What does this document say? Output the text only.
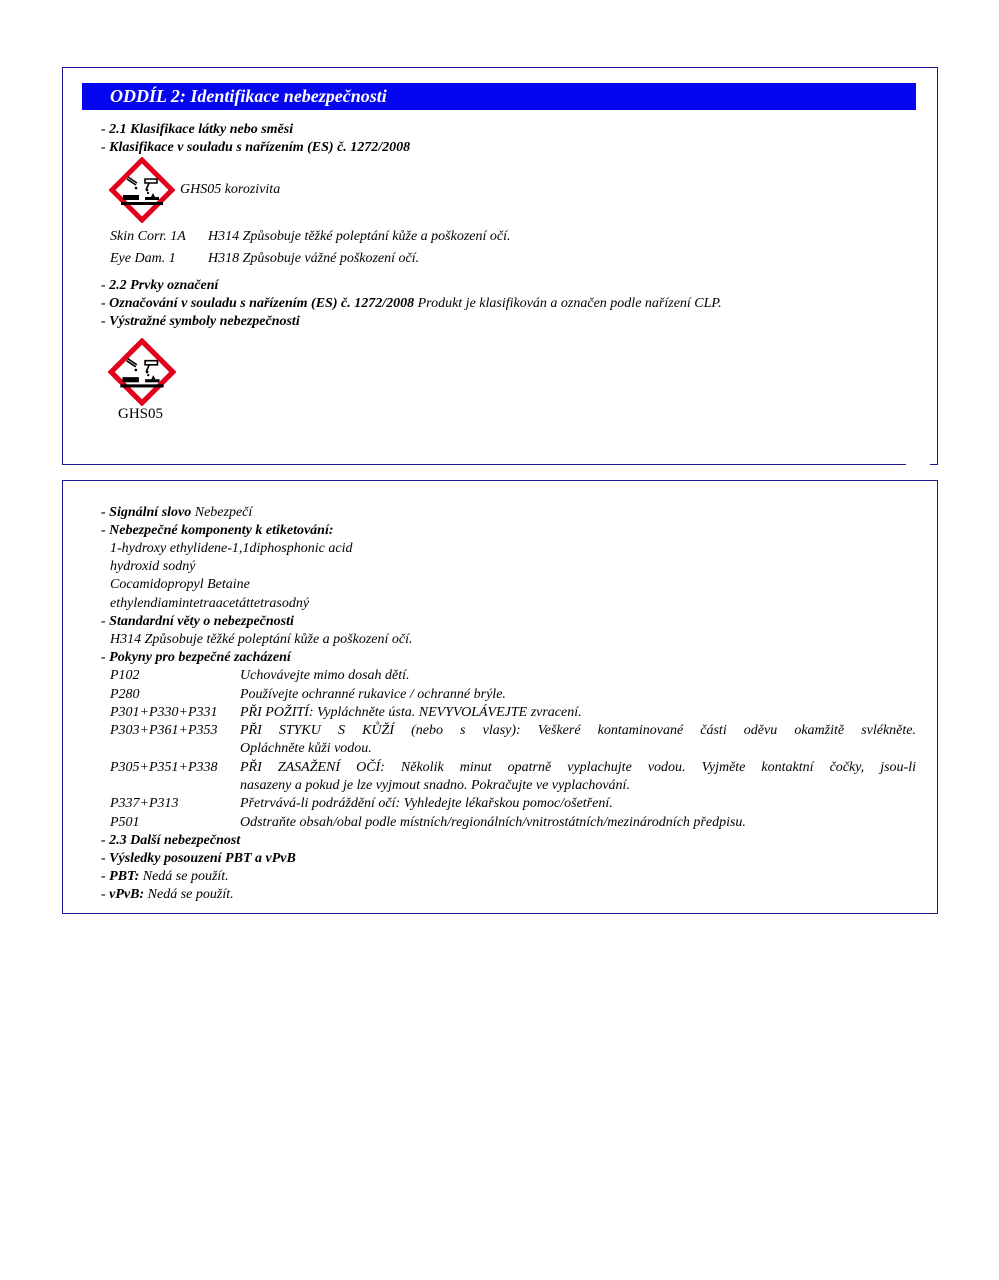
ODDÍL 2: Identifikace nebezpečnosti
- 2.1 Klasifikace látky nebo směsi
- Klasifikace v souladu s nařízením (ES) č. 1272/2008
GHS05 korozivita
Skin Corr. 1A H314 Způsobuje těžké poleptání kůže a poškození očí.
Eye Dam. 1 H318 Způsobuje vážné poškození očí.
- 2.2 Prvky označení
- Označování v souladu s nařízením (ES) č. 1272/2008 Produkt je klasifikován a označen podle nařízení CLP.
- Výstražné symboly nebezpečnosti
GHS05
- Signální slovo Nebezpečí
- Nebezpečné komponenty k etiketování:
1-hydroxy ethylidene-1,1diphosphonic acid
hydroxid sodný
Cocamidopropyl Betaine
ethylendiamintetraacetáttetrasodný
- Standardní věty o nebezpečnosti
H314 Způsobuje těžké poleptání kůže a poškození očí.
- Pokyny pro bezpečné zacházení
P102	Uchovávejte mimo dosah dětí.
P280	Používejte ochranné rukavice / ochranné brýle.
P301+P330+P331 PŘI POŽITÍ: Vypláchněte ústa. NEVYVOLÁVEJTE zvracení.
P303+P361+P353 PŘI STYKU S KŮŽÍ (nebo s vlasy): Veškeré kontaminované části oděvu okamžitě svlékněte.
Opláchněte kůži vodou.
P305+P351+P338 PŘI ZASAŽENÍ OČÍ: Několik minut opatrně vyplachujte vodou. Vyjměte kontaktní čočky, jsou-li
nasazeny a pokud je lze vyjmout snadno. Pokračujte ve vyplachování.
P337+P313	Přetrvává-li podráždění očí: Vyhledejte lékařskou pomoc/ošetření.
P501	Odstraňte obsah/obal podle místních/regionálních/vnitrostátních/mezinárodních předpisu.
- 2.3 Další nebezpečnost
- Výsledky posouzení PBT a vPvB
- PBT: Nedá se použít.
- vPvB: Nedá se použít.
